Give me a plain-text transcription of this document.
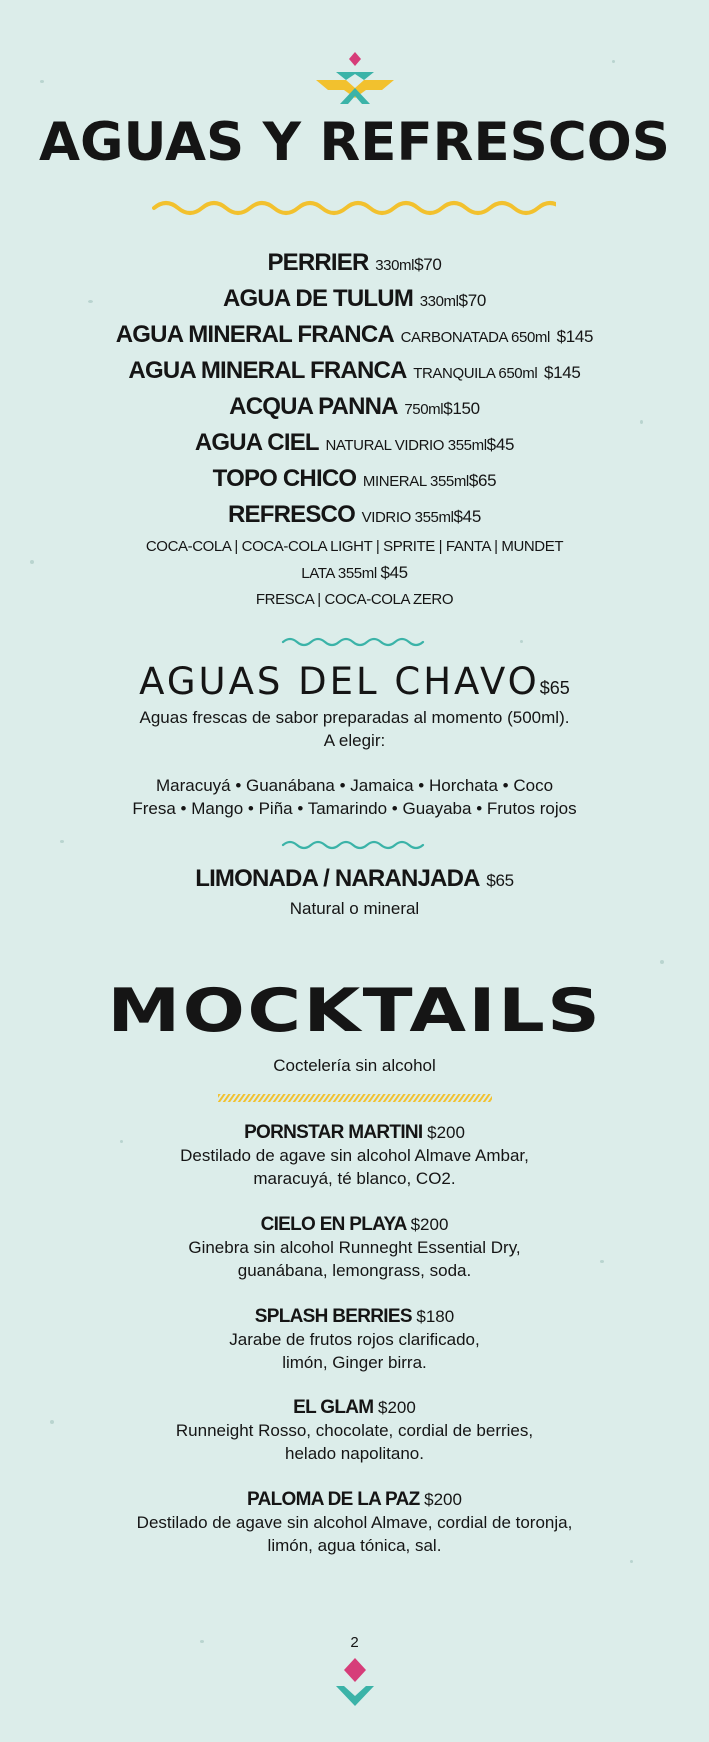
AGUAS Y REFRESCOS
PERRIER 330ml$70
AGUA DE TULUM 330ml$70
AGUA MINERAL FRANCA CARBONATADA 650ml $145
AGUA MINERAL FRANCA TRANQUILA 650ml $145
ACQUA PANNA 750ml$150
AGUA CIEL NATURAL VIDRIO 355ml$45
TOPO CHICO MINERAL 355ml$65
REFRESCO VIDRIO 355ml$45
COCA-COLA | COCA-COLA LIGHT | SPRITE | FANTA | MUNDET
LATA 355ml $45
FRESCA | COCA-COLA ZERO
AGUAS DEL CHAVO$65
Aguas frescas de sabor preparadas al momento (500ml).
A elegir:
Maracuyá • Guanábana • Jamaica • Horchata • Coco
Fresa • Mango • Piña • Tamarindo • Guayaba • Frutos rojos
LIMONADA / NARANJADA $65
Natural o mineral
MOCKTAILS
Coctelería sin alcohol
PORNSTAR MARTINI $200
Destilado de agave sin alcohol Almave Ambar,
maracuyá, té blanco, CO2.
CIELO EN PLAYA $200
Ginebra sin alcohol Runneght Essential Dry,
guanábana, lemongrass, soda.
SPLASH BERRIES $180
Jarabe de frutos rojos clarificado,
limón, Ginger birra.
EL GLAM $200
Runneight Rosso, chocolate, cordial de berries,
helado napolitano.
PALOMA DE LA PAZ $200
Destilado de agave sin alcohol Almave, cordial de toronja,
limón, agua tónica, sal.
2
